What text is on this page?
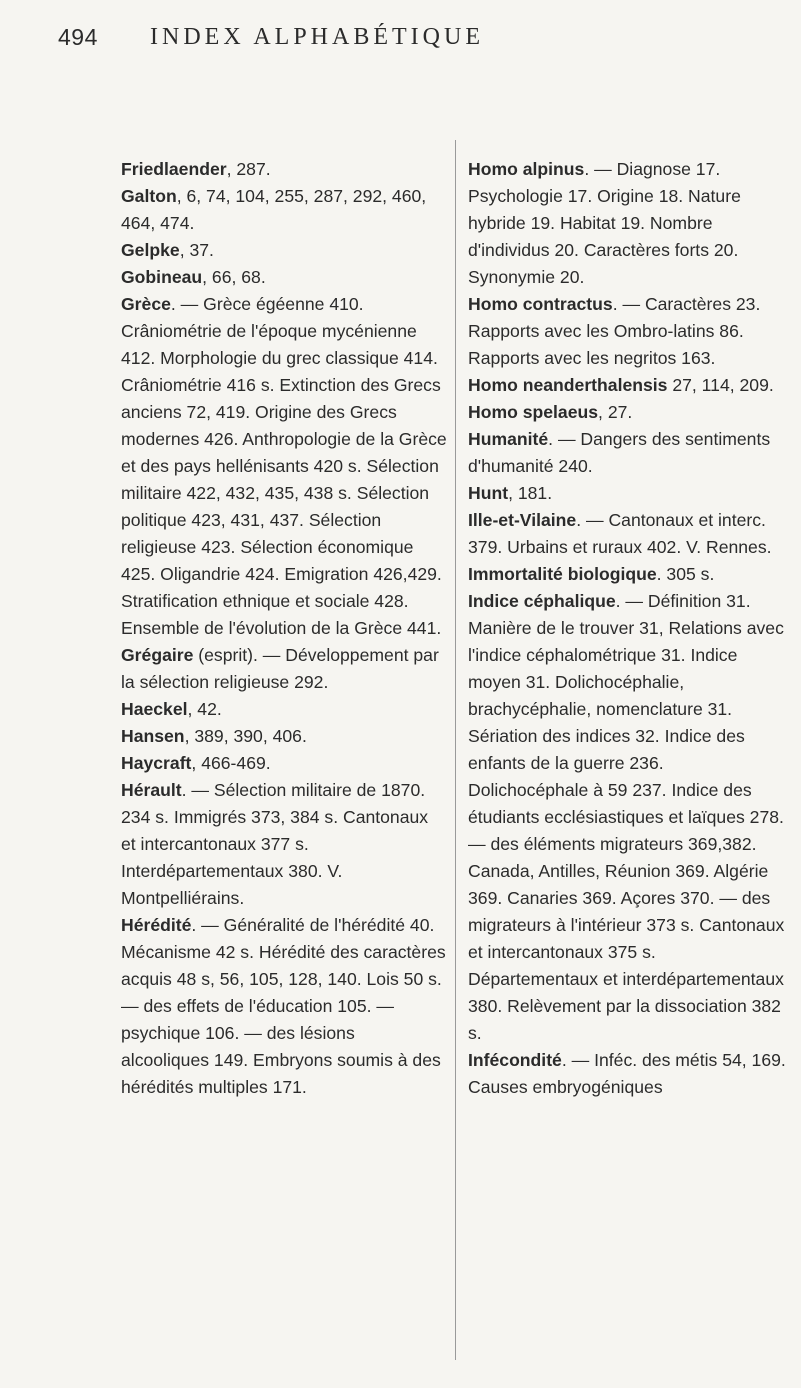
494 INDEX ALPHABÉTIQUE

Friedlaender, 287.

Galton, 6, 74, 104, 255, 287, 292, 460, 464, 474.

Gelpke, 37.

Gobineau, 66, 68.

Grèce. — Grèce égéenne 410. Crâniométrie de l'époque mycénienne 412. Morphologie du grec classique 414. Crâniométrie 416 s. Extinction des Grecs anciens 72, 419. Origine des Grecs modernes 426. Anthropologie de la Grèce et des pays hellénisants 420 s. Sélection militaire 422, 432, 435, 438 s. Sélection politique 423, 431, 437. Sélection religieuse 423. Sélection économique 425. Oligandrie 424. Emigration 426,429. Stratification ethnique et sociale 428. Ensemble de l'évolution de la Grèce 441.

Grégaire (esprit). — Développement par la sélection religieuse 292.

Haeckel, 42.

Hansen, 389, 390, 406.

Haycraft, 466-469.

Hérault. — Sélection militaire de 1870. 234 s. Immigrés 373, 384 s. Cantonaux et intercantonaux 377 s. Interdépartementaux 380. V. Montpelliérains.

Hérédité. — Généralité de l'hérédité 40. Mécanisme 42 s. Hérédité des caractères acquis 48 s, 56, 105, 128, 140. Lois 50 s. — des effets de l'éducation 105. — psychique 106. — des lésions alcooliques 149. Embryons soumis à des hérédités multiples 171.

Homo alpinus. — Diagnose 17. Psychologie 17. Origine 18. Nature hybride 19. Habitat 19. Nombre d'individus 20. Caractères forts 20. Synonymie 20.

Homo contractus. — Caractères 23. Rapports avec les Ombro-latins 86. Rapports avec les negritos 163.

Homo neanderthalensis 27, 114, 209.

Homo spelaeus, 27.

Humanité. — Dangers des sentiments d'humanité 240.

Hunt, 181.

Ille-et-Vilaine. — Cantonaux et interc. 379. Urbains et ruraux 402. V. Rennes.

Immortalité biologique. 305 s.

Indice céphalique. — Définition 31. Manière de le trouver 31, Relations avec l'indice céphalométrique 31. Indice moyen 31. Dolichocéphalie, brachycéphalie, nomenclature 31. Sériation des indices 32. Indice des enfants de la guerre 236. Dolichocéphale à 59 237. Indice des étudiants ecclésiastiques et laïques 278. — des éléments migrateurs 369,382. Canada, Antilles, Réunion 369. Algérie 369. Canaries 369. Açores 370. — des migrateurs à l'intérieur 373 s. Cantonaux et intercantonaux 375 s. Départementaux et interdépartementaux 380. Relèvement par la dissociation 382 s.

Infécondité. — Inféc. des métis 54, 169. Causes embryogéniques
